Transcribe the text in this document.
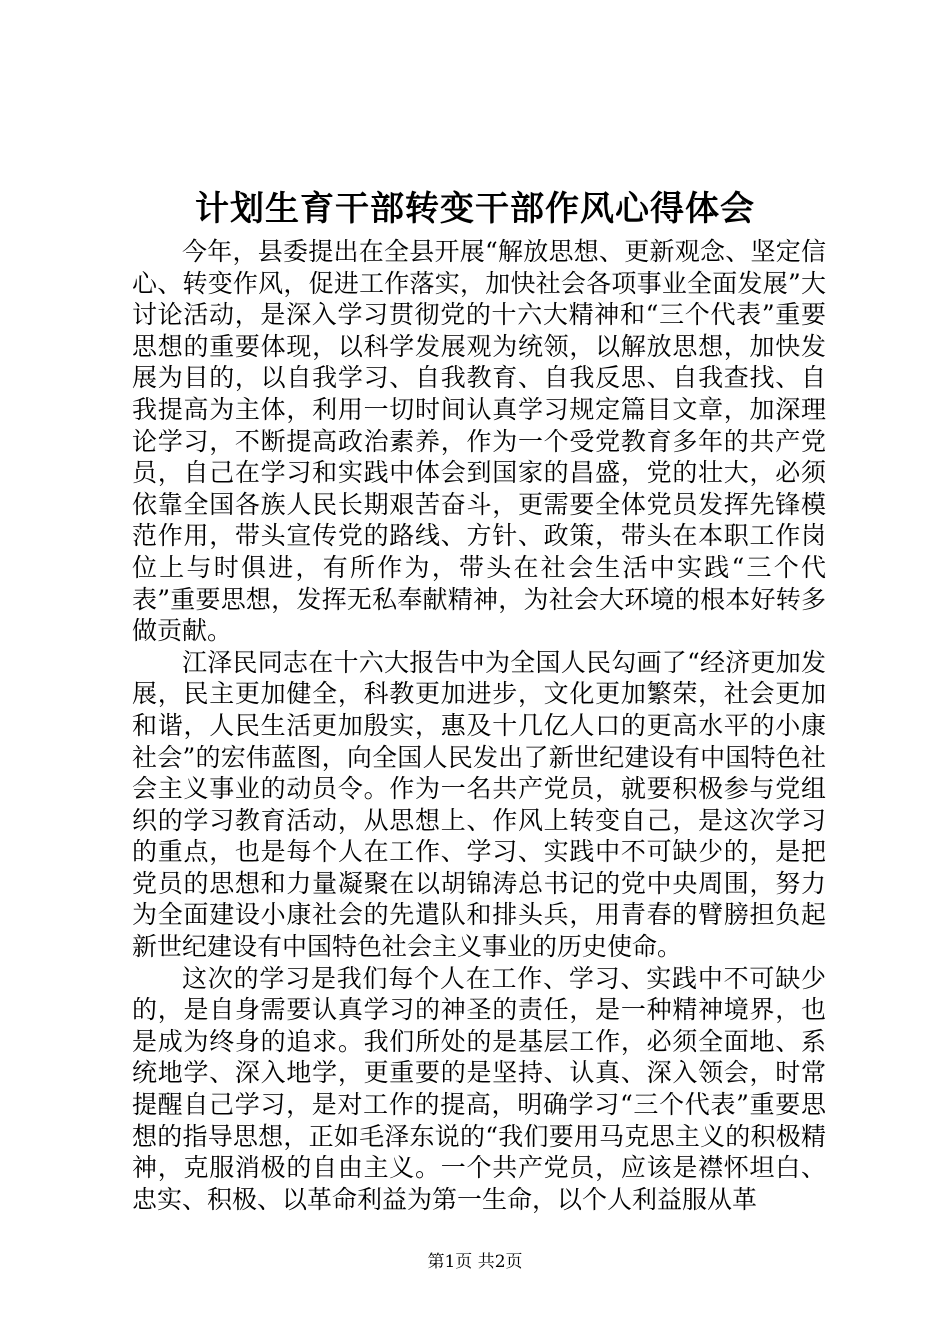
计划生育干部转变干部作风心得体会

今年，县委提出在全县开展“解放思想、更新观念、坚定信心、转变作风，促进工作落实，加快社会各项事业全面发展”大讨论活动，是深入学习贯彻党的十六大精神和“三个代表”重要思想的重要体现，以科学发展观为统领，以解放思想，加快发展为目的，以自我学习、自我教育、自我反思、自我查找、自我提高为主体，利用一切时间认真学习规定篇目文章，加深理论学习，不断提高政治素养，作为一个受党教育多年的共产党员，自己在学习和实践中体会到国家的昌盛，党的壮大，必须依靠全国各族人民长期艰苦奋斗，更需要全体党员发挥先锋模范作用，带头宣传党的路线、方针、政策，带头在本职工作岗位上与时俱进，有所作为，带头在社会生活中实践“三个代表”重要思想，发挥无私奉献精神，为社会大环境的根本好转多做贡献。

江泽民同志在十六大报告中为全国人民勾画了“经济更加发展，民主更加健全，科教更加进步，文化更加繁荣，社会更加和谐，人民生活更加殷实，惠及十几亿人口的更高水平的小康社会”的宏伟蓝图，向全国人民发出了新世纪建设有中国特色社会主义事业的动员令。作为一名共产党员，就要积极参与党组织的学习教育活动，从思想上、作风上转变自己，是这次学习的重点，也是每个人在工作、学习、实践中不可缺少的，是把党员的思想和力量凝聚在以胡锦涛总书记的党中央周围，努力为全面建设小康社会的先遣队和排头兵，用青春的臂膀担负起新世纪建设有中国特色社会主义事业的历史使命。

这次的学习是我们每个人在工作、学习、实践中不可缺少的，是自身需要认真学习的神圣的责任，是一种精神境界，也是成为终身的追求。我们所处的是基层工作，必须全面地、系统地学、深入地学，更重要的是坚持、认真、深入领会，时常提醒自己学习，是对工作的提高，明确学习“三个代表”重要思想的指导思想，正如毛泽东说的“我们要用马克思主义的积极精神，克服消极的自由主义。一个共产党员，应该是襟怀坦白、忠实、积极、以革命利益为第一生命，以个人利益服从革

第1页 共2页
